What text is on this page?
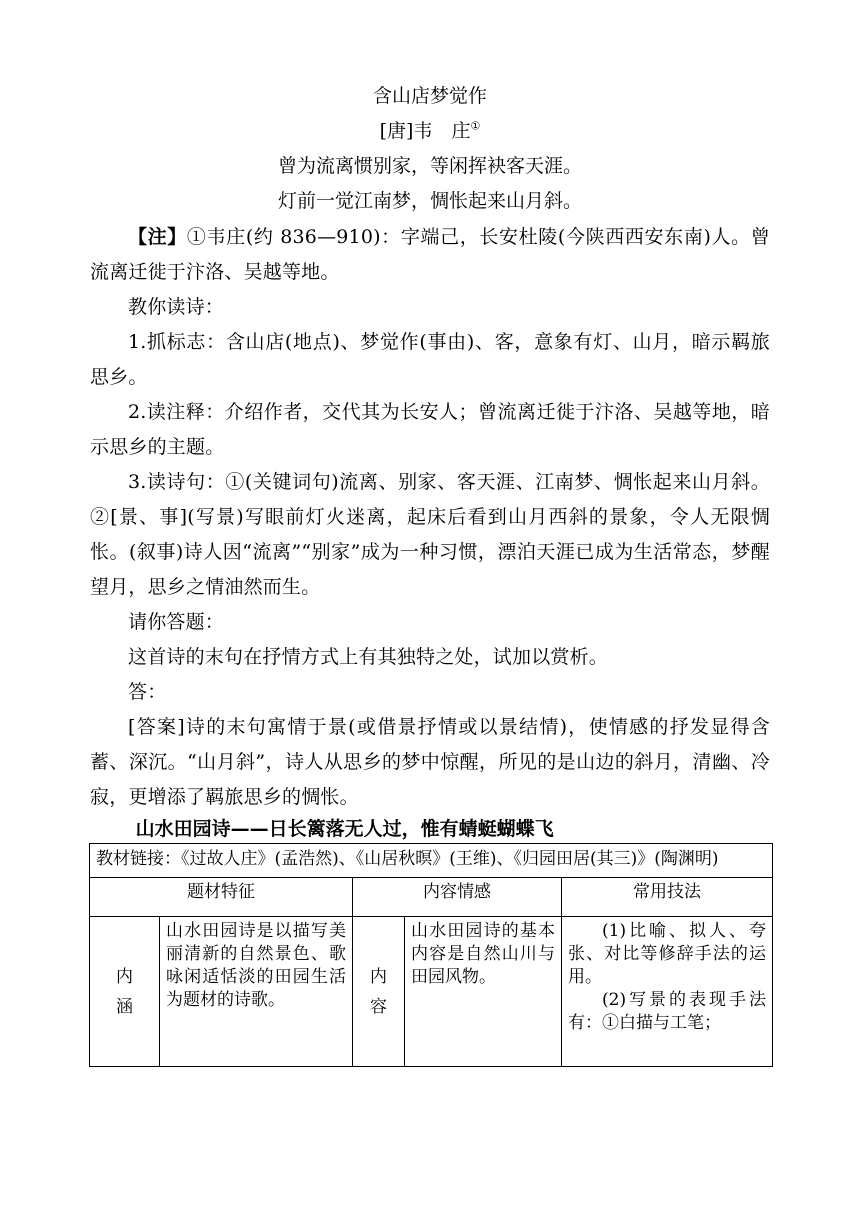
含山店梦觉作
[唐]韦　庄①
曾为流离惯别家，等闲挥袂客天涯。
灯前一觉江南梦，惆怅起来山月斜。

【注】①韦庄(约 836—910)：字端己，长安杜陵(今陕西西安东南)人。曾流离迁徙于汴洛、吴越等地。

教你读诗：

1.抓标志：含山店(地点)、梦觉作(事由)、客，意象有灯、山月，暗示羁旅思乡。

2.读注释：介绍作者，交代其为长安人；曾流离迁徙于汴洛、吴越等地，暗示思乡的主题。

3.读诗句：①(关键词句)流离、别家、客天涯、江南梦、惆怅起来山月斜。②[景、事](写景)写眼前灯火迷离，起床后看到山月西斜的景象，令人无限惆怅。(叙事)诗人因“流离”“别家”成为一种习惯，漂泊天涯已成为生活常态，梦醒望月，思乡之情油然而生。

请你答题：

这首诗的末句在抒情方式上有其独特之处，试加以赏析。

答：

[答案]诗的末句寓情于景(或借景抒情或以景结情)，使情感的抒发显得含蓄、深沉。“山月斜”，诗人从思乡的梦中惊醒，所见的是山边的斜月，清幽、冷寂，更增添了羁旅思乡的惆怅。

山水田园诗——日长篱落无人过，惟有蜻蜓蝴蝶飞
教材链接：《过故人庄》(孟浩然)、《山居秋暝》(王维)、《归园田居(其三)》(陶渊明)				
题材特征		内容情感		常用技法
内涵	山水田园诗是以描写美丽清新的自然景色、歌咏闲适恬淡的田园生活为题材的诗歌。	内容	山水田园诗的基本内容是自然山川与田园风物。	(1)比喻、拟人、夸张、对比等修辞手法的运用。
(2)写景的表现手法有：①白描与工笔；
